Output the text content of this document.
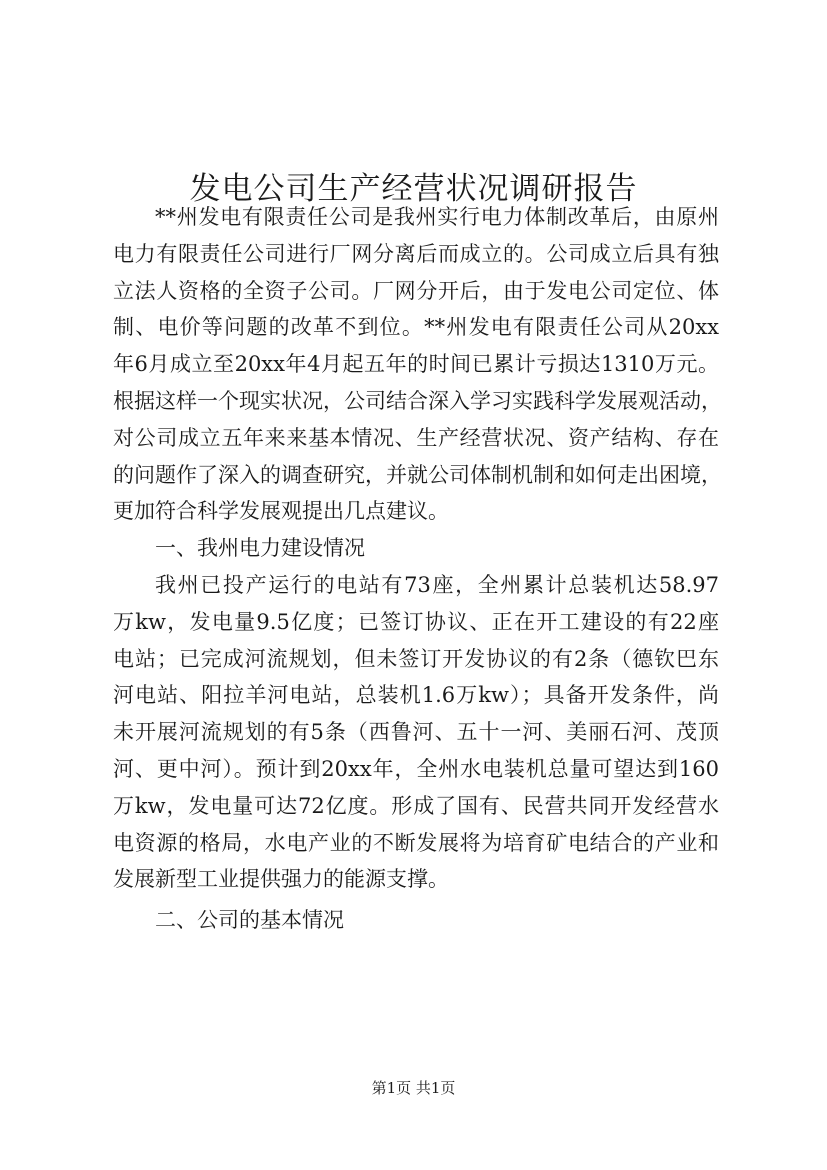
发电公司生产经营状况调研报告
**州发电有限责任公司是我州实行电力体制改革后，由原州
电力有限责任公司进行厂网分离后而成立的。公司成立后具有独
立法人资格的全资子公司。厂网分开后，由于发电公司定位、体
制、电价等问题的改革不到位。**州发电有限责任公司从20xx
年6月成立至20xx年4月起五年的时间已累计亏损达1310万元。
根据这样一个现实状况，公司结合深入学习实践科学发展观活动，
对公司成立五年来来基本情况、生产经营状况、资产结构、存在
的问题作了深入的调查研究，并就公司体制机制和如何走出困境，
更加符合科学发展观提出几点建议。
一、我州电力建设情况
我州已投产运行的电站有73座，全州累计总装机达58.97
万kw，发电量9.5亿度；已签订协议、正在开工建设的有22座
电站；已完成河流规划，但未签订开发协议的有2条（德钦巴东
河电站、阳拉羊河电站，总装机1.6万kw）；具备开发条件，尚
未开展河流规划的有5条（西鲁河、五十一河、美丽石河、茂顶
河、更中河）。预计到20xx年，全州水电装机总量可望达到160
万kw，发电量可达72亿度。形成了国有、民营共同开发经营水
电资源的格局，水电产业的不断发展将为培育矿电结合的产业和
发展新型工业提供强力的能源支撑。
二、公司的基本情况
第1页 共1页
